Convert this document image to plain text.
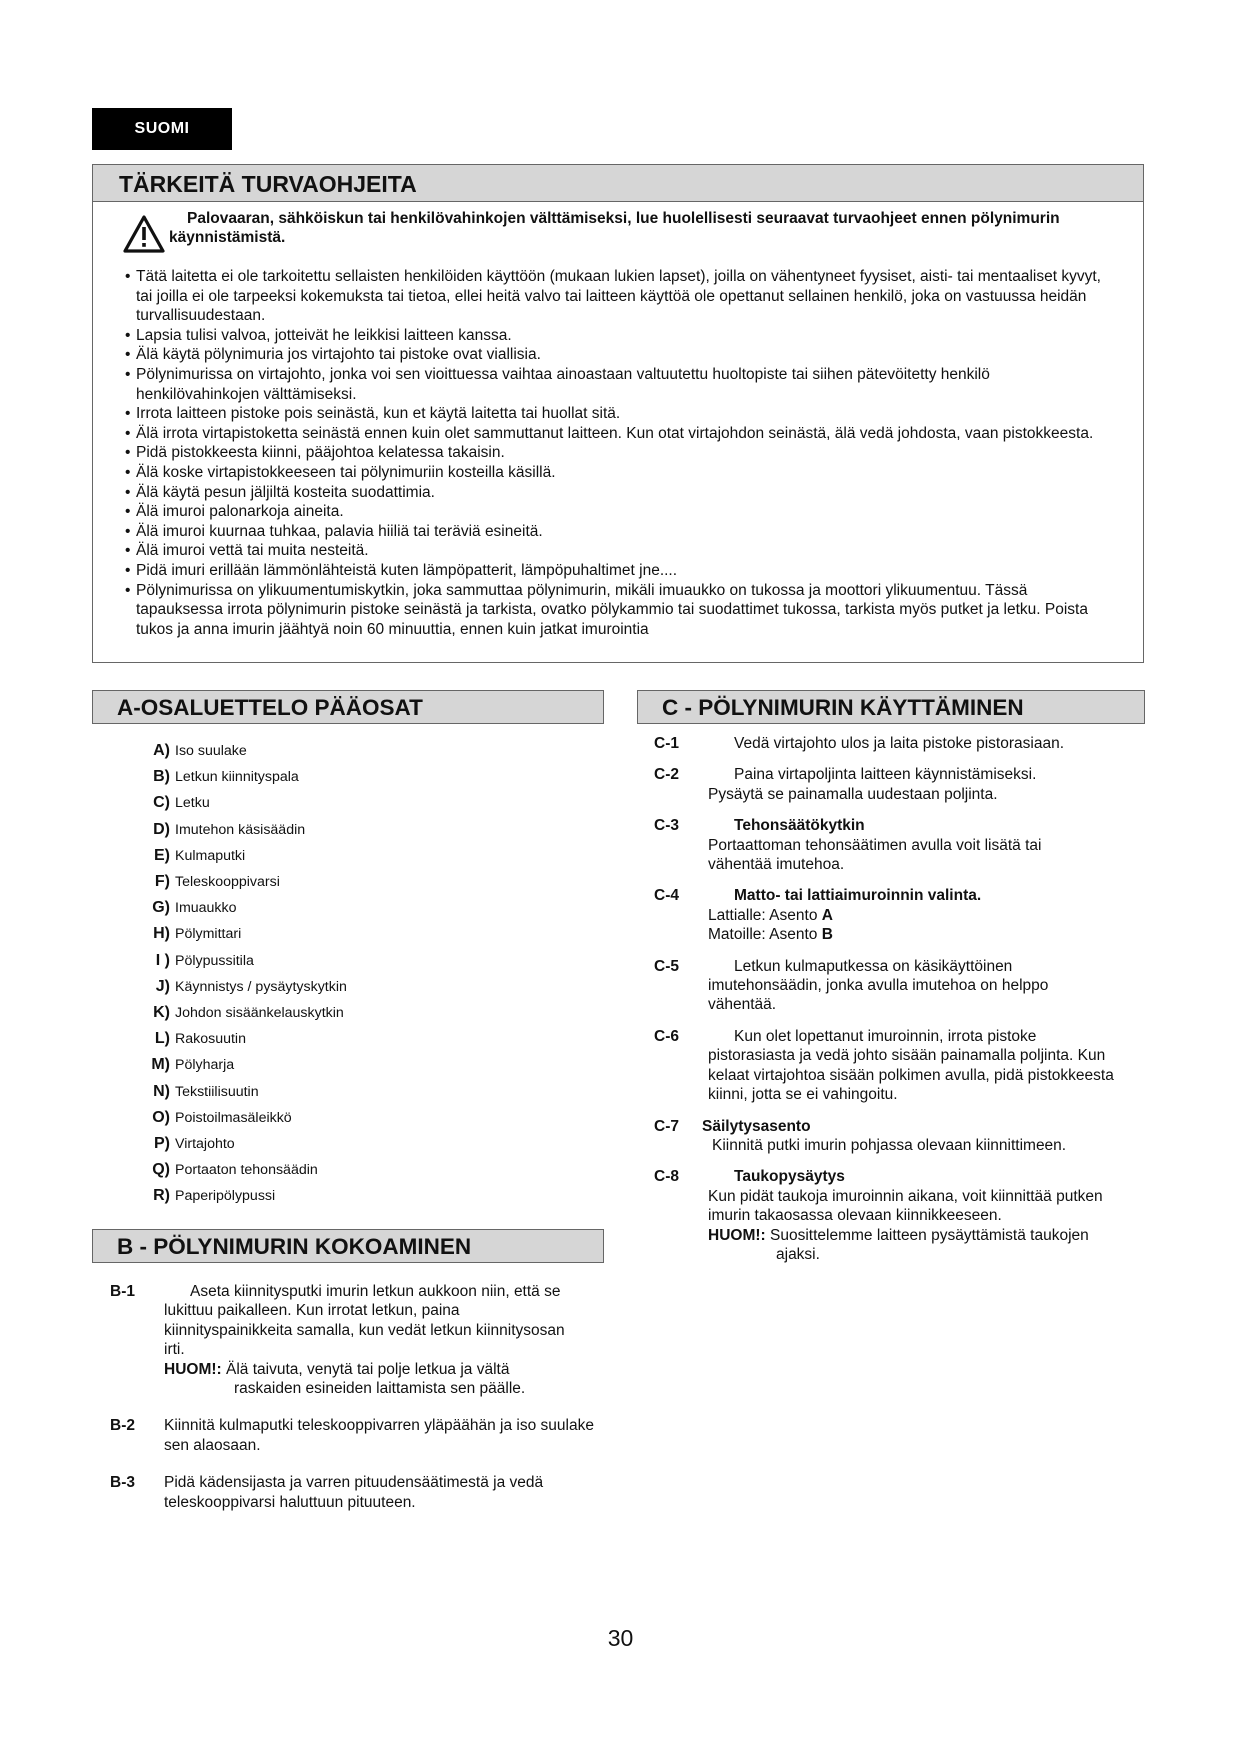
SUOMI
TÄRKEITÄ TURVAOHJEITA
Palovaaran, sähköiskun tai henkilövahinkojen välttämiseksi, lue huolellisesti seuraavat turvaohjeet ennen pölynimurin käynnistämistä.
• Tätä laitetta ei ole tarkoitettu sellaisten henkilöiden käyttöön (mukaan lukien lapset), joilla on vähentyneet fyysiset, aisti- tai mentaaliset kyvyt, tai joilla ei ole tarpeeksi kokemuksta tai tietoa, ellei heitä valvo tai laitteen käyttöä ole opettanut sellainen henkilö, joka on vastuussa heidän turvallisuudestaan.
• Lapsia tulisi valvoa, jotteivät he leikkisi laitteen kanssa.
• Älä käytä pölynimuria jos virtajohto tai pistoke ovat viallisia.
• Pölynimurissa on virtajohto, jonka voi sen vioittuessa vaihtaa ainoastaan valtuutettu huoltopiste tai siihen pätevöitetty henkilö henkilövahinkojen välttämiseksi.
• Irrota laitteen pistoke pois seinästä, kun et käytä laitetta tai huollat sitä.
• Älä irrota virtapistoketta seinästä ennen kuin olet sammuttanut laitteen. Kun otat virtajohdon seinästä, älä vedä johdosta, vaan pistokkeesta.
• Pidä pistokkeesta kiinni, pääjohtoa kelatessa takaisin.
• Älä koske virtapistokkeeseen tai pölynimuriin kosteilla käsillä.
• Älä käytä pesun jäljiltä kosteita suodattimia.
• Älä imuroi palonarkoja aineita.
• Älä imuroi kuurnaa tuhkaa, palavia hiiliä tai teräviä esineitä.
• Älä imuroi vettä tai muita nesteitä.
• Pidä imuri erillään lämmönlähteistä kuten lämpöpatterit, lämpöpuhaltimet jne....
• Pölynimurissa on ylikuumentumiskytkin, joka sammuttaa pölynimurin, mikäli imuaukko on tukossa ja moottori ylikuumentuu. Tässä tapauksessa irrota pölynimurin pistoke seinästä ja tarkista, ovatko pölykammio tai suodattimet tukossa, tarkista myös putket ja letku. Poista tukos ja anna imurin jäähtyä noin 60 minuuttia, ennen kuin jatkat imurointia
A-OSALUETTELO PÄÄOSAT
A) Iso suulake
B) Letkun kiinnityspala
C) Letku
D) Imutehon käsisäädin
E) Kulmaputki
F) Teleskooppivarsi
G) Imuaukko
H) Pölymittari
I ) Pölypussitila
J) Käynnistys / pysäytyskytkin
K) Johdon sisäänkelauskytkin
L) Rakosuutin
M) Pölyharja
N) Tekstiilisuutin
O) Poistoilmasäleikkö
P) Virtajohto
Q) Portaaton tehonsäädin
R) Paperipölypussi
B - PÖLYNIMURIN KOKOAMINEN
B-1	Aseta kiinnitysputki imurin letkun aukkoon niin, että se lukittuu paikalleen. Kun irrotat letkun, paina kiinnityspainikkeita samalla, kun vedät letkun kiinnitysosan irti.
HUOM!: Älä taivuta, venytä tai polje letkua ja vältä
raskaiden esineiden laittamista sen päälle.
B-2 Kiinnitä kulmaputki teleskooppivarren yläpäähän ja iso suulake sen alaosaan.
B-3 Pidä kädensijasta ja varren pituudensäätimestä ja vedä teleskooppivarsi haluttuun pituuteen.
C - PÖLYNIMURIN KÄYTTÄMINEN
C-1	Vedä virtajohto ulos ja laita pistoke pistorasiaan.
C-2	Paina virtapoljinta laitteen käynnistämiseksi.
Pysäytä se painamalla uudestaan poljinta.
C-3	Tehonsäätökytkin
Portaattoman tehonsäätimen avulla voit lisätä tai vähentää imutehoa.
C-4	Matto- tai lattiaimuroinnin valinta.
Lattialle: Asento A
Matoille: Asento B
C-5	Letkun kulmaputkessa on käsikäyttöinen
imutehonsäädin, jonka avulla imutehoa on helppo vähentää.
C-6	Kun olet lopettanut imuroinnin, irrota pistoke
pistorasiasta ja vedä johto sisään painamalla poljinta. Kun kelaat virtajohtoa sisään polkimen avulla, pidä pistokkeesta kiinni, jotta se ei vahingoitu.
C-7 Säilytysasento
Kiinnitä putki imurin pohjassa olevaan kiinnittimeen.
C-8	Taukopysäytys
Kun pidät taukoja imuroinnin aikana, voit kiinnittää putken imurin takaosassa olevaan kiinnikkeeseen.
HUOM!: Suosittelemme laitteen pysäyttämistä taukojen
ajaksi.
30
